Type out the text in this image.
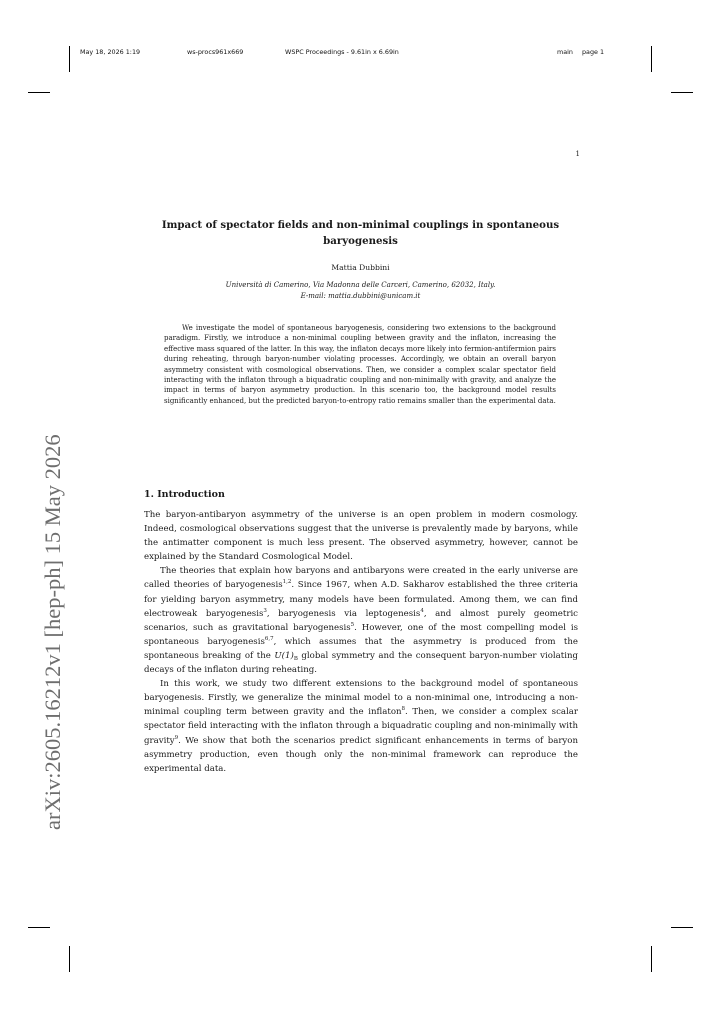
May 18, 2026 1:19	ws-procs961x669	WSPC Proceedings - 9.61in x 6.69in	main page 1
1
arXiv:2605.16212v1 [hep-ph] 15 May 2026
Impact of spectator fields and non-minimal couplings in spontaneous baryogenesis
Mattia Dubbini
Università di Camerino, Via Madonna delle Carceri, Camerino, 62032, Italy.
E-mail: mattia.dubbini@unicam.it

We investigate the model of spontaneous baryogenesis, considering two extensions to the background paradigm. Firstly, we introduce a non-minimal coupling between gravity and the inflaton, increasing the effective mass squared of the latter. In this way, the inflaton decays more likely into fermion-antifermion pairs during reheating, through baryon-number violating processes. Accordingly, we obtain an overall baryon asymmetry consistent with cosmological observations. Then, we consider a complex scalar spectator field interacting with the inflaton through a biquadratic coupling and non-minimally with gravity, and analyze the impact in terms of baryon asymmetry production. In this scenario too, the background model results significantly enhanced, but the predicted baryon-to-entropy ratio remains smaller than the experimental data.

1. Introduction

The baryon-antibaryon asymmetry of the universe is an open problem in modern cosmology. Indeed, cosmological observations suggest that the universe is prevalently made by baryons, while the antimatter component is much less present. The observed asymmetry, however, cannot be explained by the Standard Cosmological Model.

The theories that explain how baryons and antibaryons were created in the early universe are called theories of baryogenesis$^{1,2}$. Since 1967, when A.D. Sakharov established the three criteria for yielding baryon asymmetry, many models have been formulated. Among them, we can find electroweak baryogenesis$^3$, baryogenesis via leptogenesis$^4$, and almost purely geometric scenarios, such as gravitational baryogenesis$^5$. However, one of the most compelling model is spontaneous baryogenesis$^{6,7}$, which assumes that the asymmetry is produced from the spontaneous breaking of the $U(1)_B$ global symmetry and the consequent baryon-number violating decays of the inflaton during reheating.

In this work, we study two different extensions to the background model of spontaneous baryogenesis. Firstly, we generalize the minimal model to a non-minimal one, introducing a non-minimal coupling term between gravity and the inflaton$^8$. Then, we consider a complex scalar spectator field interacting with the inflaton through a biquadratic coupling and non-minimally with gravity$^9$. We show that both the scenarios predict significant enhancements in terms of baryon asymmetry production, even though only the non-minimal framework can reproduce the experimental data.
